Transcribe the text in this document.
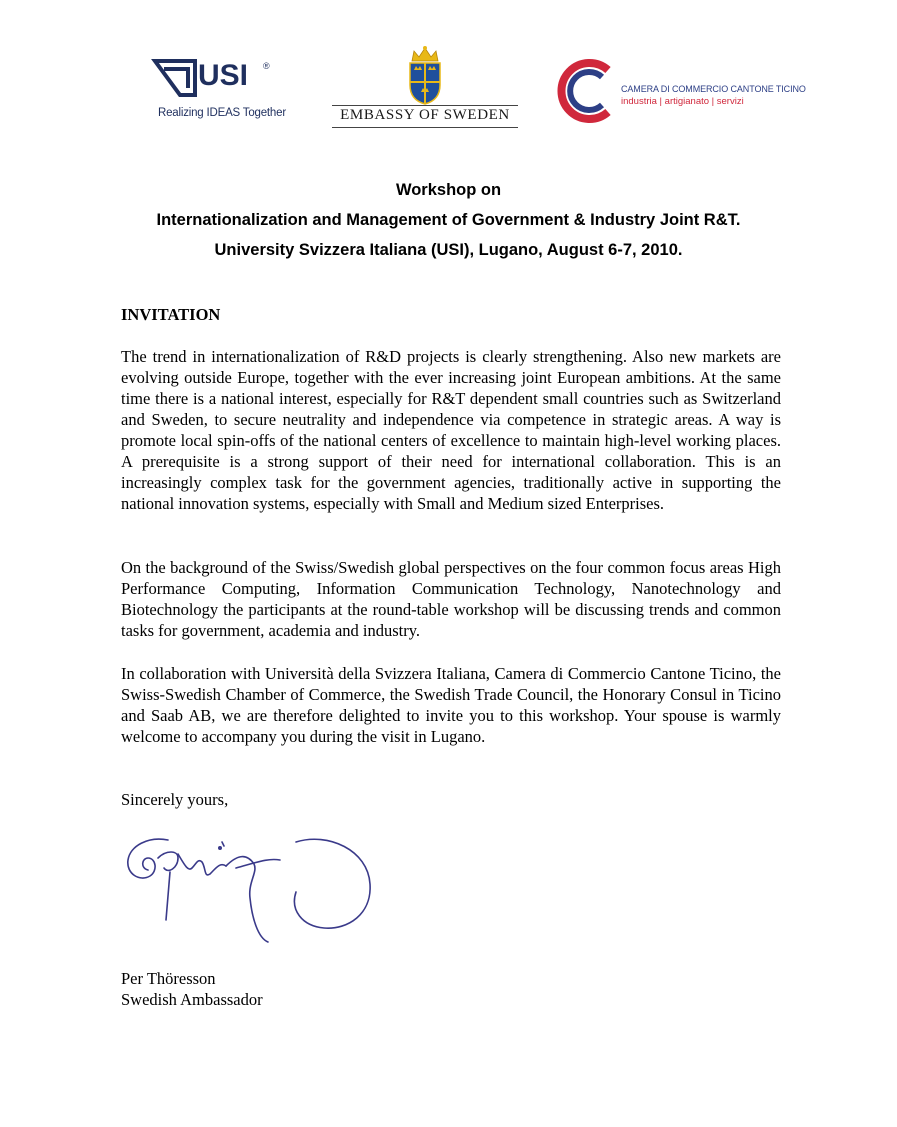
USI ®
Realizing IDEAS Together	EMBASSY OF SWEDEN
CAMERA DI COMMERCIO CANTONE TICINO
industria | artigianato | servizi
Workshop on
Internationalization and Management of Government & Industry Joint R&T.
University Svizzera Italiana (USI), Lugano, August 6-7, 2010.
INVITATION

The trend in internationalization of R&D projects is clearly strengthening. Also new markets are evolving outside Europe, together with the ever increasing joint European ambitions. At the same time there is a national interest, especially for R&T dependent small countries such as Switzerland and Sweden, to secure neutrality and independence via competence in strategic areas. A way is promote local spin-offs of the national centers of excellence to maintain high-level working places. A prerequisite is a strong support of their need for international collaboration. This is an increasingly complex task for the government agencies, traditionally active in supporting the national innovation systems, especially with Small and Medium sized Enterprises.

On the background of the Swiss/Swedish global perspectives on the four common focus areas High Performance Computing, Information Communication Technology, Nanotechnology and Biotechnology the participants at the round-table workshop will be discussing trends and common tasks for government, academia and industry.

In collaboration with Università della Svizzera Italiana, Camera di Commercio Cantone Ticino, the Swiss-Swedish Chamber of Commerce, the Swedish Trade Council, the Honorary Consul in Ticino and Saab AB, we are therefore delighted to invite you to this workshop. Your spouse is warmly welcome to accompany you during the visit in Lugano.

Sincerely yours,

Per Thöresson

Swedish Ambassador
